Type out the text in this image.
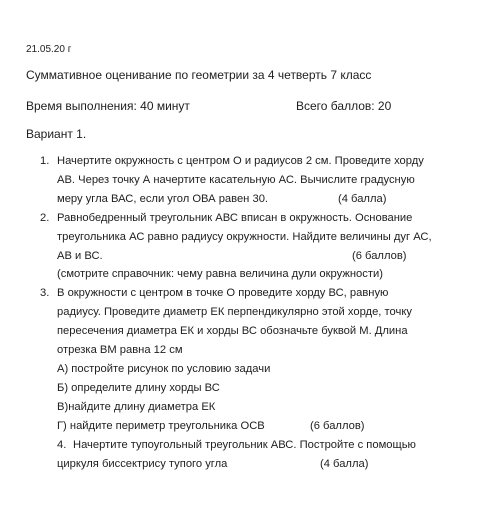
21.05.20 г
Суммативное оценивание по геометрии за 4 четверть 7 класс
Время выполнения: 40 минут	Всего баллов: 20
Вариант 1.
1. Начертите окружность с центром О и радиусов 2 см. Проведите хорду
АВ. Через точку А начертите касательную АС. Вычислите градусную
меру угла ВАС, если угол ОВА равен 30.	(4 балла)
2. Равнобедренный треугольник АВС вписан в окружность. Основание
треугольника АС равно радиусу окружности. Найдите величины дуг АС,
АВ и ВС.	(6 баллов)
(смотрите справочник: чему равна величина дули окружности)
3. В окружности с центром в точке О проведите хорду ВС, равную
радиусу. Проведите диаметр ЕК перпендикулярно этой хорде, точку
пересечения диаметра ЕК и хорды ВС обозначьте буквой М. Длина
отрезка ВМ равна 12 см
А) постройте рисунок по условию задачи
Б) определите длину хорды ВС
В)найдите длину диаметра ЕК
Г) найдите периметр треугольника ОСВ	(6 баллов)
4. Начертите тупоугольный треугольник АВС. Постройте с помощью
циркуля биссектрису тупого угла	(4 балла)
